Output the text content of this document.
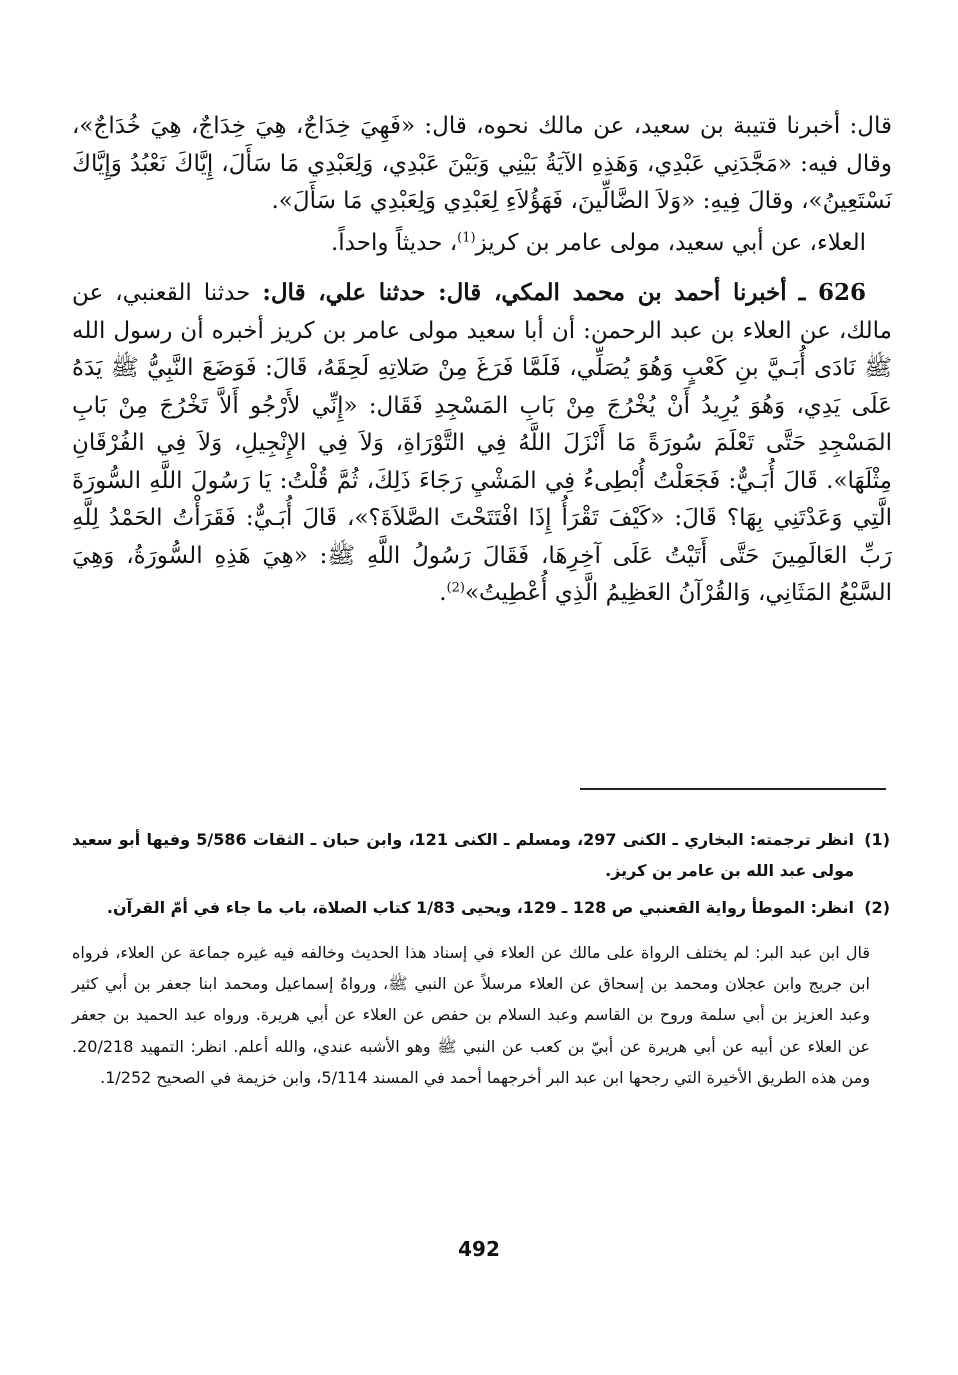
قال: أخبرنا قتيبة بن سعيد، عن مالك نحوه، قال: «فَهِيَ خِدَاجٌ، هِيَ خِدَاجٌ، هِيَ خُدَاجٌ»، وقال فيه: «مَجَّدَنِي عَبْدِي، وَهَذِهِ الآيَةُ بَيْنِي وَبَيْنَ عَبْدِي، وَلِعَبْدِي مَا سَأَلَ، إِيَّاكَ نَعْبُدُ وَإِيَّاكَ نَسْتَعِينُ»، وقالَ فِيهِ: «وَلاَ الضَّالِّينَ، فَهَؤُلاَءِ لِعَبْدِي وَلِعَبْدِي مَا سَأَلَ».

العلاء، عن أبي سعيد، مولى عامر بن كريز$^{(1)}$، حديثاً واحداً.

626 ـ أخبرنا أحمد بن محمد المكي، قال: حدثنا علي، قال: حدثنا القعنبي، عن مالك، عن العلاء بن عبد الرحمن: أن أبا سعيد مولى عامر بن كريز أخبره أن رسول الله ﷺ نَادَى أُبَـيَّ بنِ كَعْبٍ وَهُوَ يُصَلِّي، فَلَمَّا فَرَغَ مِنْ صَلاتِهِ لَحِقَهُ، قَالَ: فَوَضَعَ النَّبِيُّ ﷺ يَدَهُ عَلَى يَدِي، وَهُوَ يُرِيدُ أَنْ يُخْرُجَ مِنْ بَابِ المَسْجِدِ فَقَال: «إِنِّي لأَرْجُو أَلاَّ تَخْرُجَ مِنْ بَابِ المَسْجِدِ حَتَّى تَعْلَمَ سُورَةً مَا أَنْزَلَ اللَّهُ فِي التَّوْرَاةِ، وَلاَ فِي الإِنْجِيلِ، وَلاَ فِي الفُرْقَانِ مِثْلَهَا». قَالَ أُبَـيٌّ: فَجَعَلْتُ أُبْطِىءُ فِي المَشْيِ رَجَاءَ ذَلِكَ، ثُمَّ قُلْتُ: يَا رَسُولَ اللَّهِ السُّورَةَ الَّتِي وَعَدْتَنِي بِهَا؟ قَالَ: «كَيْفَ تَقْرَأُ إِذَا افْتَتَحْتَ الصَّلاَةَ؟»، قَالَ أُبَـيٌّ: فَقَرَأْتُ الحَمْدُ لِلَّهِ رَبِّ العَالَمِينَ حَتَّى أَتَيْتُ عَلَى آخِرِهَا، فَقَالَ رَسُولُ اللَّهِ ﷺ: «هِيَ هَذِهِ السُّورَةُ، وَهِيَ السَّبْعُ المَثَانِي، وَالقُرْآنُ العَظِيمُ الَّذِي أُعْطِيتُ»$^{(2)}$.

(1)
انظر ترجمته: البخاري ـ الكنى 297، ومسلم ـ الكنى 121، وابن حبان ـ الثقات 5/586 وفيها أبو سعيد مولى عبد الله بن عامر بن كريز.

(2)
انظر: الموطأ رواية القعنبي ص 128 ـ 129، ويحيى 1/83 كتاب الصلاة، باب ما جاء في أمّ القرآن.

قال ابن عبد البر: لم يختلف الرواة على مالك عن العلاء في إسناد هذا الحديث وخالفه فيه غيره جماعة عن العلاء، فرواه ابن جريج وابن عجلان ومحمد بن إسحاق عن العلاء مرسلاً عن النبي ﷺ، ورواهُ إسماعيل ومحمد ابنا جعفر بن أبي كثير وعبد العزيز بن أبي سلمة وروح بن القاسم وعبد السلام بن حفص عن العلاء عن أبي هريرة. ورواه عبد الحميد بن جعفر عن العلاء عن أبيه عن أبي هريرة عن أبيّ بن كعب عن النبي ﷺ وهو الأشبه عندي، والله أعلم. انظر: التمهيد 20/218. ومن هذه الطريق الأخيرة التي رجحها ابن عبد البر أخرجهما أحمد في المسند 5/114، وابن خزيمة في الصحيح 1/252.

492
